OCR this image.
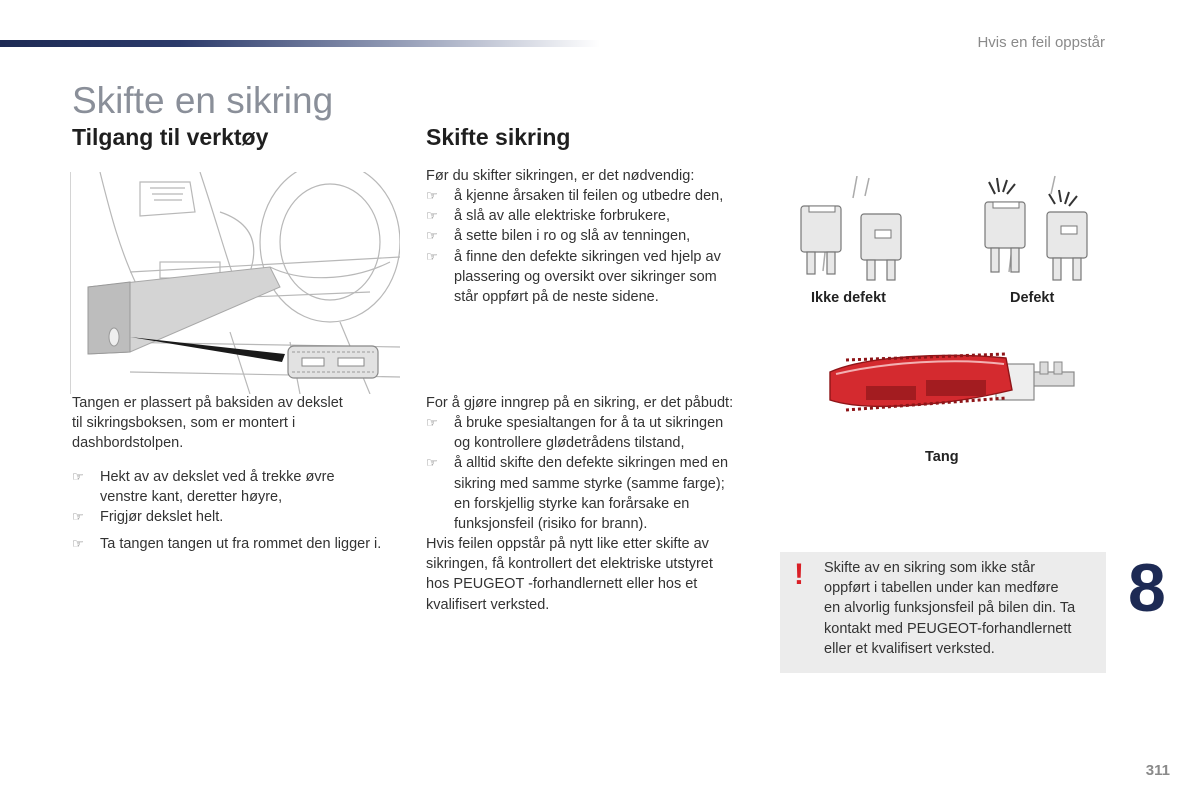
Hvis en feil oppstår
Skifte en sikring
Tilgang til verktøy
Tangen er plassert på baksiden av dekslet
til sikringsboksen, som er montert i
dashbordstolpen.
☞ Hekt av av dekslet ved å trekke øvre
venstre kant, deretter høyre,
☞ Frigjør dekslet helt.
☞ Ta tangen tangen ut fra rommet den ligger i.
Skifte sikring
Før du skifter sikringen, er det nødvendig:
☞ å kjenne årsaken til feilen og utbedre den,
☞ å slå av alle elektriske forbrukere,
☞ å sette bilen i ro og slå av tenningen,
☞ å finne den defekte sikringen ved hjelp av
plassering og oversikt over sikringer som
står oppført på de neste sidene.
For å gjøre inngrep på en sikring, er det påbudt:
☞ å bruke spesialtangen for å ta ut sikringen
og kontrollere glødetrådens tilstand,
☞ å alltid skifte den defekte sikringen med en
sikring med samme styrke (samme farge);
en forskjellig styrke kan forårsake en
funksjonsfeil (risiko for brann).
Hvis feilen oppstår på nytt like etter skifte av
sikringen, få kontrollert det elektriske utstyret
hos PEUGEOT -forhandlernett eller hos et
kvalifisert verksted.
Ikke defekt	Defekt
Tang
! Skifte av en sikring som ikke står
oppført i tabellen under kan medføre
en alvorlig funksjonsfeil på bilen din. Ta
kontakt med PEUGEOT-forhandlernett
eller et kvalifisert verksted.
8
311
